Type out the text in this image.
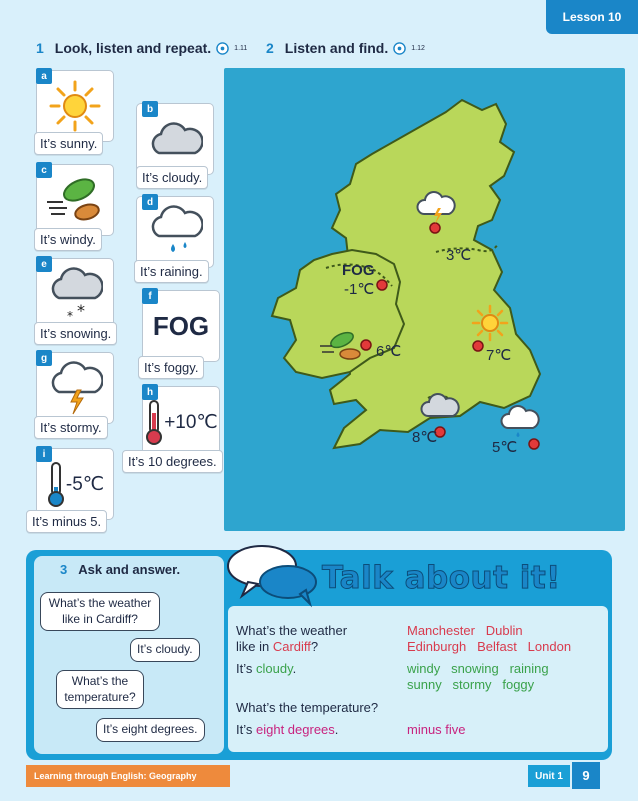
Lesson 10
1 Look, listen and repeat.	1.11 2 Listen and find.	1.12
a
It’s sunny.
b
It’s cloudy.
c
It’s windy.
d
It’s raining.
*
*
e
It’s snowing. FOG
f
It’s foggy.
g
It’s stormy.	+10℃
h
It’s 10 degrees.
-5℃
i
It’s minus 5.
FOG
3℃
-1℃
6℃	7℃
8℃
5℃
3 Ask and answer.	Talk about it!
What’s the weather like in Cardiff?
It’s cloudy.
What’s the temperature?
It’s eight degrees.
What’s the weather
like in Cardiff?
It’s cloudy.
What’s the temperature?
It’s eight degrees.
Manchester   Dublin
Edinburgh   Belfast   London
windy   snowing   raining
sunny   stormy   foggy
minus five
Learning through English: Geography	Unit 1	9
